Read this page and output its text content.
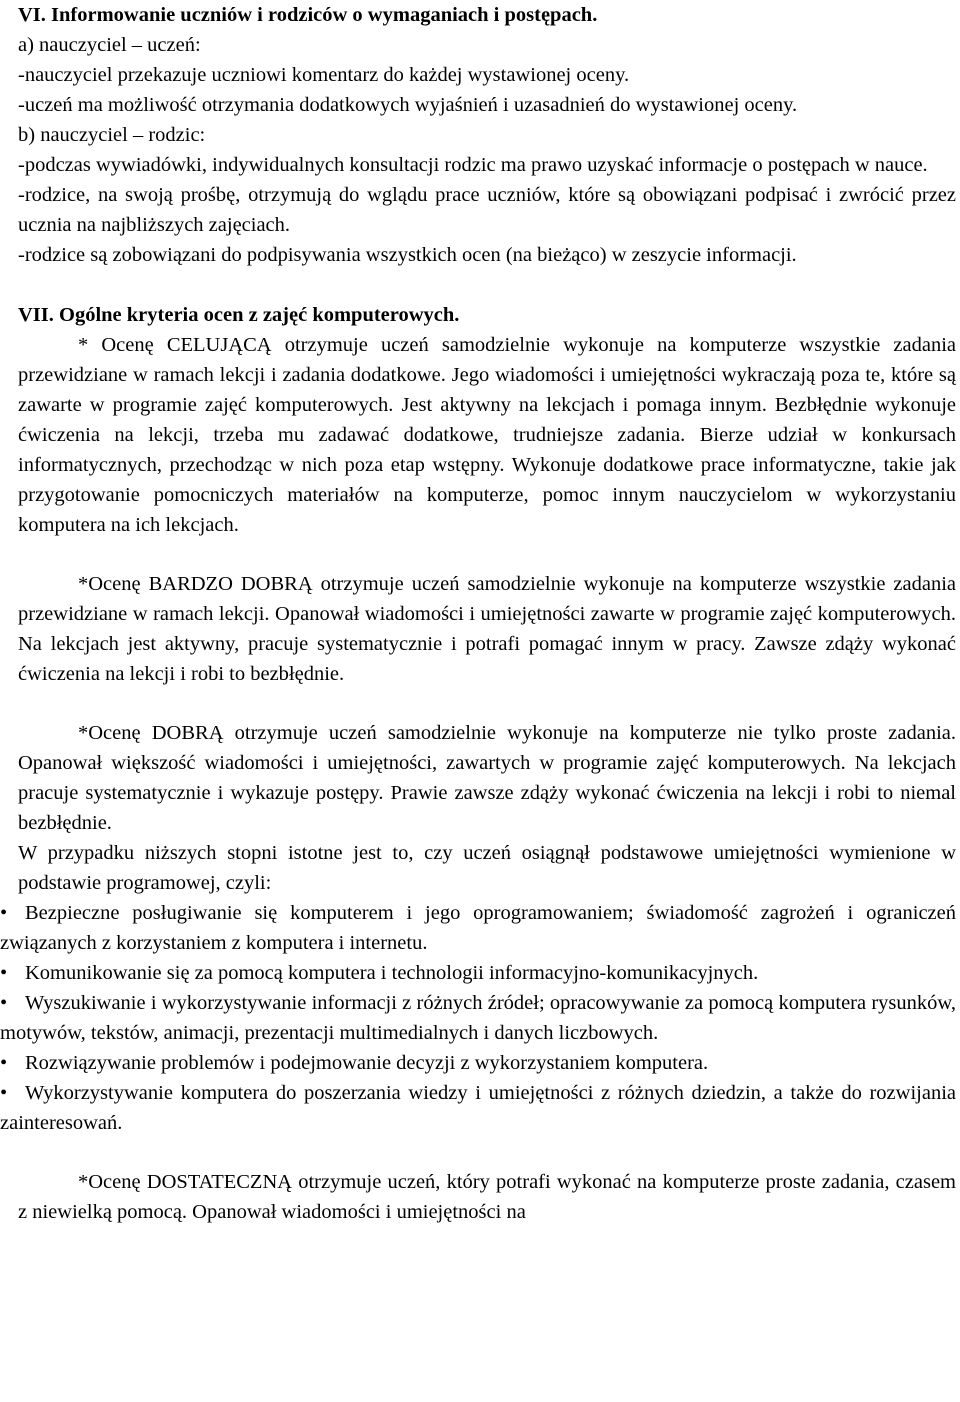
VI. Informowanie uczniów i rodziców o wymaganiach i postępach.

a) nauczyciel – uczeń:

-nauczyciel przekazuje uczniowi komentarz do każdej wystawionej oceny.

-uczeń ma możliwość otrzymania dodatkowych wyjaśnień i uzasadnień do wystawionej oceny.

b) nauczyciel – rodzic:

-podczas wywiadówki, indywidualnych konsultacji rodzic ma prawo uzyskać informacje o postępach w nauce.

-rodzice, na swoją prośbę, otrzymują do wglądu prace uczniów, które są obowiązani podpisać i zwrócić przez ucznia na najbliższych zajęciach.

-rodzice są zobowiązani do podpisywania wszystkich ocen (na bieżąco) w zeszycie informacji.

VII. Ogólne kryteria ocen z zajęć komputerowych.

* Ocenę CELUJĄCĄ otrzymuje uczeń samodzielnie wykonuje na komputerze wszystkie zadania przewidziane w ramach lekcji i zadania dodatkowe. Jego wiadomości i umiejętności wykraczają poza te, które są zawarte w programie zajęć komputerowych. Jest aktywny na lekcjach i pomaga innym. Bezbłędnie wykonuje ćwiczenia na lekcji, trzeba mu zadawać dodatkowe, trudniejsze zadania. Bierze udział w konkursach informatycznych, przechodząc w nich poza etap wstępny. Wykonuje dodatkowe prace informatyczne, takie jak przygotowanie pomocniczych materiałów na komputerze, pomoc innym nauczycielom w wykorzystaniu komputera na ich lekcjach.

*Ocenę BARDZO DOBRĄ otrzymuje uczeń samodzielnie wykonuje na komputerze wszystkie zadania przewidziane w ramach lekcji. Opanował wiadomości i umiejętności zawarte w programie zajęć komputerowych. Na lekcjach jest aktywny, pracuje systematycznie i potrafi pomagać innym w pracy. Zawsze zdąży wykonać ćwiczenia na lekcji i robi to bezbłędnie.

*Ocenę DOBRĄ otrzymuje uczeń samodzielnie wykonuje na komputerze nie tylko proste zadania. Opanował większość wiadomości i umiejętności, zawartych w programie zajęć komputerowych. Na lekcjach pracuje systematycznie i wykazuje postępy. Prawie zawsze zdąży wykonać ćwiczenia na lekcji i robi to niemal bezbłędnie.

W przypadku niższych stopni istotne jest to, czy uczeń osiągnął podstawowe umiejętności wymienione w podstawie programowej, czyli:

• Bezpieczne posługiwanie się komputerem i jego oprogramowaniem; świadomość zagrożeń i ograniczeń związanych z korzystaniem z komputera i internetu.
• Komunikowanie się za pomocą komputera i technologii informacyjno-komunikacyjnych.
• Wyszukiwanie i wykorzystywanie informacji z różnych źródeł; opracowywanie za pomocą komputera rysunków, motywów, tekstów, animacji, prezentacji multimedialnych i danych liczbowych.
• Rozwiązywanie problemów i podejmowanie decyzji z wykorzystaniem komputera.
• Wykorzystywanie komputera do poszerzania wiedzy i umiejętności z różnych dziedzin, a także do rozwijania zainteresowań.

*Ocenę DOSTATECZNĄ otrzymuje uczeń, który potrafi wykonać na komputerze proste zadania, czasem z niewielką pomocą. Opanował wiadomości i umiejętności na
